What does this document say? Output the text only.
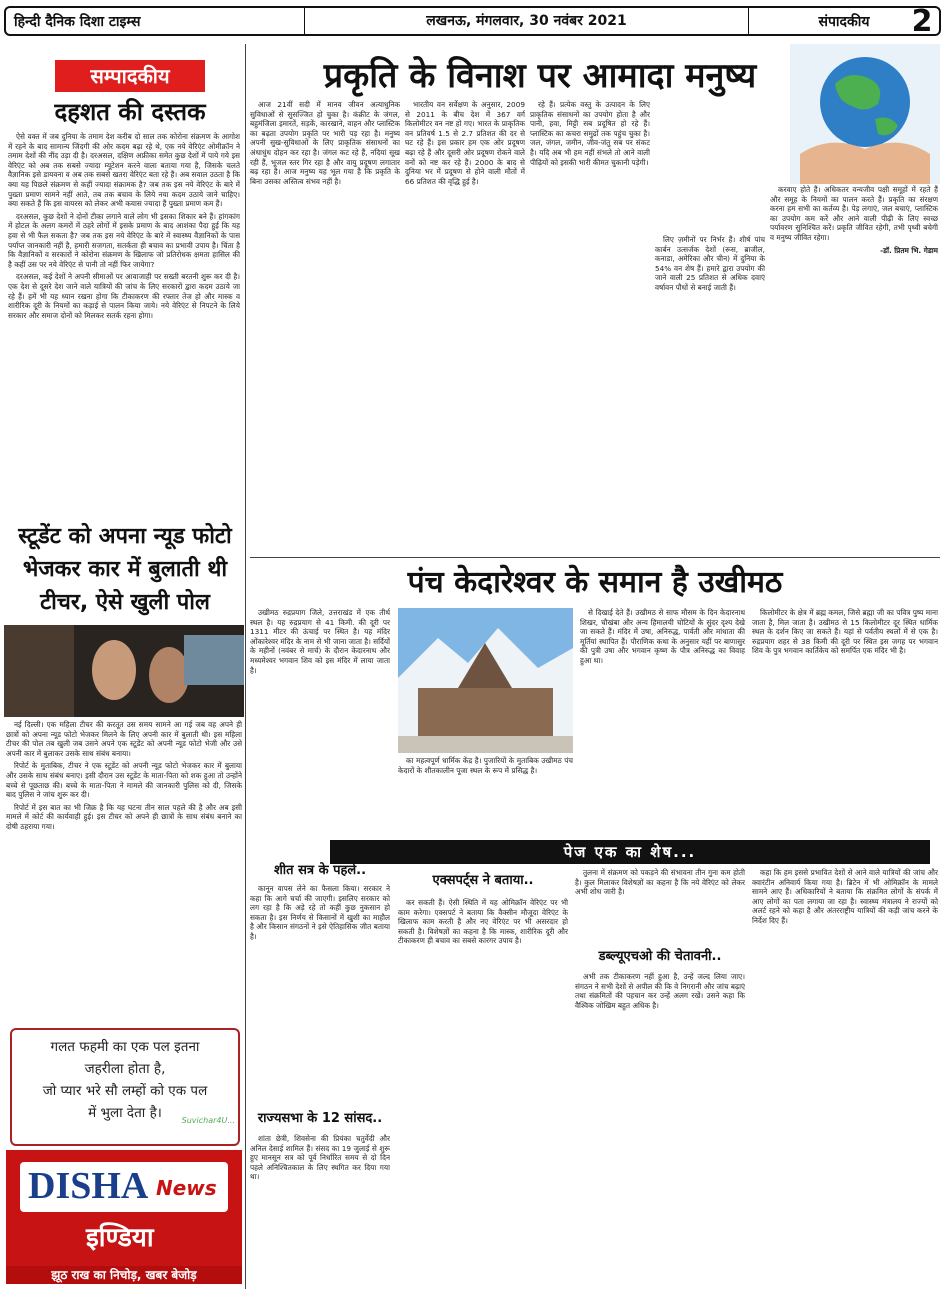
हिन्दी दैनिक दिशा टाइम्स	लखनऊ, मंगलवार, 30 नवंबर 2021	संपादकीय	2
सम्पादकीय
दहशत की दस्तक

ऐसे वक्त में जब दुनिया के तमाम देश करीब दो साल तक कोरोना संक्रमण के आगोश में रहने के बाद सामान्य जिंदगी की ओर कदम बढ़ा रहे थे, एक नये वेरिएंट ओमीक्रॉन ने तमाम देशों की नींद उड़ा दी है। दरअसल, दक्षिण अफ्रीका समेत कुछ देशों में पाये गये इस वेरिएंट को अब तक सबसे ज्यादा म्यूटेशन करने वाला बताया गया है, जिसके चलते वैज्ञानिक इसे डायवना व अब तक सबसे खतरा वेरिएंट बता रहे हैं। अब सवाल उठता है कि क्या यह पिछले संक्रमण से कहीं ज्यादा संक्रामक है? जब तक इस नये वेरिएंट के बारे में पुख्ता प्रमाण सामने नहीं आते, तब तक बचाव के लिये नया कदम उठाये जाने चाहिए। क्या सकते हैं कि इस वायरस को लेकर अभी कयास ज्यादा हैं पुख्ता प्रमाण कम हैं।

दरअसल, कुछ देशों ने दोनों टीका लगाने वाले लोग भी इसका शिकार बने हैं। हांगकांग में होटल के अलग कमरों में ठहरे लोगों में इसके प्रमाण के बाद आशंका पैदा हुई कि यह हवा से भी फैल सकता है? जब तक इस नये वेरिएंट के बारे में स्वास्थ्य वैज्ञानिकों के पास पर्याप्त जानकारी नहीं है, हमारी सजगता, सतर्कता ही बचाव का प्रभावी उपाय है। चिंता है कि वैज्ञानिकों व सरकारों ने कोरोना संक्रमण के खिलाफ जो प्रतिरोधक क्षमता हासिल की है कहीं उस पर नये वेरिएंट से पानी तो नहीं फिर जायेगा?

दरअसल, कई देशों ने अपनी सीमाओं पर आवाजाही पर सख्ती बरतनी शुरू कर दी है। एक देश से दूसरे देश जाने वाले यात्रियों की जांच के लिए सरकारों द्वारा कदम उठाये जा रहे हैं। हमें भी यह ध्यान रखना होगा कि टीकाकरण की रफ्तार तेज हो और मास्क व शारीरिक दूरी के नियमों का कड़ाई से पालन किया जाये। नये वेरिएंट से निपटने के लिये सरकार और समाज दोनों को मिलकर सतर्क रहना होगा।

प्रकृति के विनाश पर आमादा मनुष्य

आज 21वीं सदी में मानव जीवन अत्याधुनिक सुविधाओं से सुसज्जित हो चुका है। कंक्रीट के जंगल, बहुमंजिला इमारतें, सड़कें, कारखाने, वाहन और प्लास्टिक का बढ़ता उपयोग प्रकृति पर भारी पड़ रहा है। मनुष्य अपनी सुख-सुविधाओं के लिए प्राकृतिक संसाधनों का अंधाधुंध दोहन कर रहा है। जंगल कट रहे हैं, नदियां सूख रही हैं, भूजल स्तर गिर रहा है और वायु प्रदूषण लगातार बढ़ रहा है। आज मनुष्य यह भूल गया है कि प्रकृति के बिना उसका अस्तित्व संभव नहीं है।

भारतीय वन सर्वेक्षण के अनुसार, 2009 से 2011 के बीच देश में 367 वर्ग किलोमीटर वन नष्ट हो गए। भारत के प्राकृतिक वन प्रतिवर्ष 1.5 से 2.7 प्रतिशत की दर से घट रहे हैं। इस प्रकार हम एक ओर प्रदूषण बढ़ा रहे हैं और दूसरी ओर प्रदूषण रोकने वाले वनों को नष्ट कर रहे हैं। 2000 के बाद से दुनिया भर में प्रदूषण से होने वाली मौतों में 66 प्रतिशत की वृद्धि हुई है।

रहे हैं। प्रत्येक वस्तु के उत्पादन के लिए प्राकृतिक संसाधनों का उपयोग होता है और पानी, हवा, मिट्टी सब प्रदूषित हो रहे हैं। प्लास्टिक का कचरा समुद्रों तक पहुंच चुका है। जल, जंगल, जमीन, जीव-जंतु सब पर संकट है। यदि अब भी हम नहीं संभले तो आने वाली पीढ़ियों को इसकी भारी कीमत चुकानी पड़ेगी।

लिए ज़मीनों पर निर्भर हैं। शीर्ष पांच कार्बन उत्सर्जक देशों (रूस, ब्राजील, कनाडा, अमेरिका और चीन) में दुनिया के 54% वन शेष हैं। हमारे द्वारा उपयोग की जाने वाली 25 प्रतिशत से अधिक दवाएं वर्षावन पौधों से बनाई जाती हैं।

करवाए होते हैं। अधिकतर वन्यजीव पक्षी समूहों में रहते हैं और समूह के नियमों का पालन करते हैं। प्रकृति का संरक्षण करना हम सभी का कर्तव्य है। पेड़ लगाएं, जल बचाएं, प्लास्टिक का उपयोग कम करें और आने वाली पीढ़ी के लिए स्वच्छ पर्यावरण सुनिश्चित करें। प्रकृति जीवित रहेगी, तभी पृथ्वी बचेगी व मनुष्य जीवित रहेगा।

-डॉ. प्रितम भि. गेडाम

स्टूडेंट को अपना न्यूड फोटो भेजकर कार में बुलाती थी टीचर, ऐसे खुली पोल

नई दिल्ली। एक महिला टीचर की करतूत उस समय सामने आ गई जब वह अपने ही छात्रों को अपना न्यूड फोटो भेजकर मिलने के लिए अपनी कार में बुलाती थी। इस महिला टीचर की पोल तब खुली जब उसने अपने एक स्टूडेंट को अपनी न्यूड फोटो भेजी और उसे अपनी कार में बुलाकर उसके साथ संबंध बनाया।

रिपोर्ट के मुताबिक, टीचर ने एक स्टूडेंट को अपनी न्यूड फोटो भेजकर कार में बुलाया और उसके साथ संबंध बनाए। इसी दौरान उस स्टूडेंट के माता-पिता को शक हुआ तो उन्होंने बच्चे से पूछताछ की। बच्चे के माता-पिता ने मामले की जानकारी पुलिस को दी, जिसके बाद पुलिस ने जांच शुरू कर दी।

रिपोर्ट में इस बात का भी जिक्र है कि यह घटना तीन साल पहले की है और अब इसी मामले में कोर्ट की कार्यवाही हुई। इस टीचर को अपने ही छात्रों के साथ संबंध बनाने का दोषी ठहराया गया।

गलत फहमी का एक पल इतना
जहरीला होता है,
जो प्यार भरे सौ लम्हों को एक पल
में भुला देता है।	Suvichar4U...
DISHA News
इण्डिया
झूठ राख का निचोड़, खबर बेजोड़
पंच केदारेश्वर के समान है उखीमठ

उखीमठ रुद्रप्रयाग जिले, उत्तराखंड में एक तीर्थ स्थल है। यह रुद्रप्रयाग से 41 किमी. की दूरी पर 1311 मीटर की ऊंचाई पर स्थित है। यह मंदिर ओंकारेश्वर मंदिर के नाम से भी जाना जाता है। सर्दियों के महीनों (नवंबर से मार्च) के दौरान केदारनाथ और मध्यमेश्वर भगवान शिव को इस मंदिर में लाया जाता है।

का महत्वपूर्ण धार्मिक केंद्र है। पुजारियों के मुताबिक उखीमठ पंच केदारों के शीतकालीन पूजा स्थल के रूप में प्रसिद्ध है।

से दिखाई देते हैं। उखीमठ से साफ मौसम के दिन केदारनाथ शिखर, चौखंबा और अन्य हिमालयी चोटियों के सुंदर दृश्य देखे जा सकते हैं। मंदिर में उषा, अनिरुद्ध, पार्वती और मांधाता की मूर्तियां स्थापित हैं। पौराणिक कथा के अनुसार यहीं पर बाणासुर की पुत्री उषा और भगवान कृष्ण के पौत्र अनिरुद्ध का विवाह हुआ था।

किलोमीटर के क्षेत्र में ब्रह्म कमल, जिसे ब्रह्मा जी का पवित्र पुष्प माना जाता है, मिल जाता है। उखीमठ से 15 किलोमीटर दूर स्थित धार्मिक स्थल के दर्शन किए जा सकते हैं। यहां से पर्वतीय स्थलों में से एक है। रुद्रप्रयाग शहर से 38 किमी की दूरी पर स्थित इस जगह पर भगवान शिव के पुत्र भगवान कार्तिकेय को समर्पित एक मंदिर भी है।

पेज एक का शेष...
शीत सत्र के पहले..

कानून वापस लेने का फैसला किया। सरकार ने कहा कि आगे चर्चा की जाएगी। इसलिए सरकार को लग रहा है कि अड़े रहे तो कहीं कुछ नुकसान हो सकता है। इस निर्णय से किसानों में खुशी का माहौल है और किसान संगठनों ने इसे ऐतिहासिक जीत बताया है।

राज्यसभा के 12 सांसद..

शांता छेत्री, शिवसेना की प्रियंका चतुर्वेदी और अनिल देसाई शामिल हैं। संसद का 19 जुलाई से शुरू हुए मानसून सत्र को पूर्व निर्धारित समय से दो दिन पहले अनिश्चितकाल के लिए स्थगित कर दिया गया था।

एक्सपर्ट्स ने बताया..

कर सकती हैं। ऐसी स्थिति में यह ओमिक्रॉन वेरिएंट पर भी काम करेगा। एक्सपर्ट ने बताया कि वैक्सीन मौजूदा वेरिएंट के खिलाफ काम करती है और नए वेरिएंट पर भी असरदार हो सकती है। विशेषज्ञों का कहना है कि मास्क, शारीरिक दूरी और टीकाकरण ही बचाव का सबसे कारगर उपाय है।

तुलना में संक्रमण को पकड़ने की संभावना तीन गुना कम होती है। कुल मिलाकर विशेषज्ञों का कहना है कि नये वेरिएंट को लेकर अभी शोध जारी है।

डब्ल्यूएचओ की चेतावनी..

अभी तक टीकाकरण नहीं हुआ है, उन्हें जल्द लिया जाए। संगठन ने सभी देशों से अपील की कि वे निगरानी और जांच बढ़ाएं तथा संक्रमितों की पहचान कर उन्हें अलग रखें। उसने कहा कि वैश्विक जोखिम बहुत अधिक है।

कहा कि हम इससे प्रभावित देशों से आने वाले यात्रियों की जांच और क्वारंटीन अनिवार्य किया गया है। ब्रिटेन में भी ओमिक्रॉन के मामले सामने आए हैं। अधिकारियों ने बताया कि संक्रमित लोगों के संपर्क में आए लोगों का पता लगाया जा रहा है। स्वास्थ्य मंत्रालय ने राज्यों को अलर्ट रहने को कहा है और अंतरराष्ट्रीय यात्रियों की कड़ी जांच करने के निर्देश दिए हैं।
